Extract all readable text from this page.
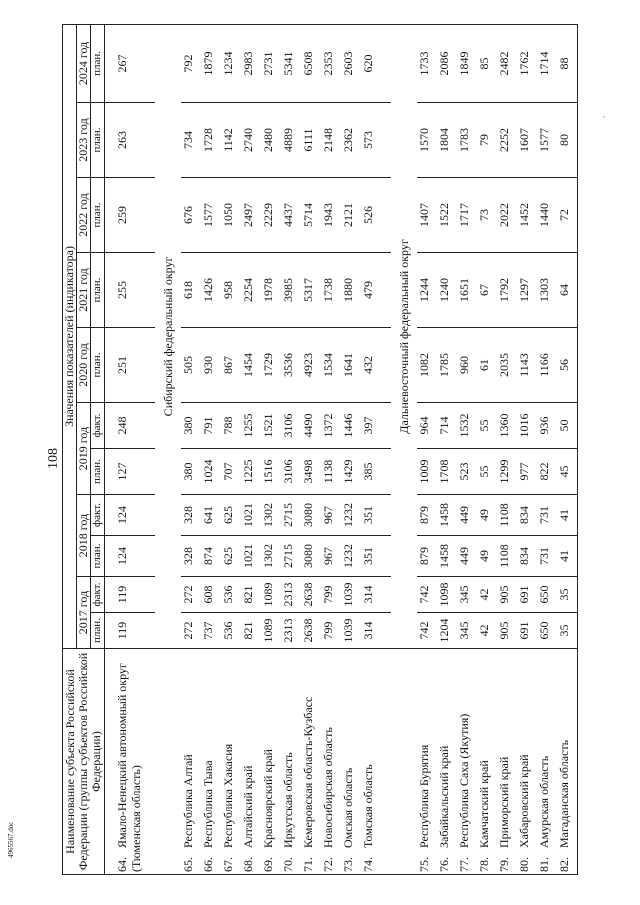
108
4965567.doc
,
Наименование субъекта Российской Федерации (группы субъектов Российской Федерации)	Значения показателей (индикатора)										
	2017 год		2018 год		2019 год		2020 год	2021 год	2022 год	2023 год	2024 год
	план.	факт.	план.	факт.	план.	факт.	план.	план.	план.	план.	план.
64.Ямало-Ненецкий автономный округ (Тюменская область)	119	119	124	124	127	248	251	255	259	263	267
	Сибирский федеральный округ										
65.Республика Алтай	272	272	328	328	380	380	505	618	676	734	792
66.Республика Тыва	737	608	874	641	1024	791	930	1426	1577	1728	1879
67.Республика Хакасия	536	536	625	625	707	788	867	958	1050	1142	1234
68.Алтайский край	821	821	1021	1021	1225	1255	1454	2254	2497	2740	2983
69.Красноярский край	1089	1089	1302	1302	1516	1521	1729	1978	2229	2480	2731
70.Иркутская область	2313	2313	2715	2715	3106	3106	3536	3985	4437	4889	5341
71.Кемеровская область-Кузбасс	2638	2638	3080	3080	3498	4490	4923	5317	5714	6111	6508
72.Новосибирская область	799	799	967	967	1138	1372	1534	1738	1943	2148	2353
73.Омская область	1039	1039	1232	1232	1429	1446	1641	1880	2121	2362	2603
74.Томская область	314	314	351	351	385	397	432	479	526	573	620

	Дальневосточный федеральный округ										
75.Республика Бурятия	742	742	879	879	1009	964	1082	1244	1407	1570	1733
76.Забайкальский край	1204	1098	1458	1458	1708	714	1785	1240	1522	1804	2086
77.Республика Саха (Якутия)	345	345	449	449	523	1532	960	1651	1717	1783	1849
78.Камчатский край	42	42	49	49	55	55	61	67	73	79	85
79.Приморский край	905	905	1108	1108	1299	1360	2035	1792	2022	2252	2482
80.Хабаровский край	691	691	834	834	977	1016	1143	1297	1452	1607	1762
81.Амурская область	650	650	731	731	822	936	1166	1303	1440	1577	1714
82.Магаданская область	35	35	41	41	45	50	56	64	72	80	88
